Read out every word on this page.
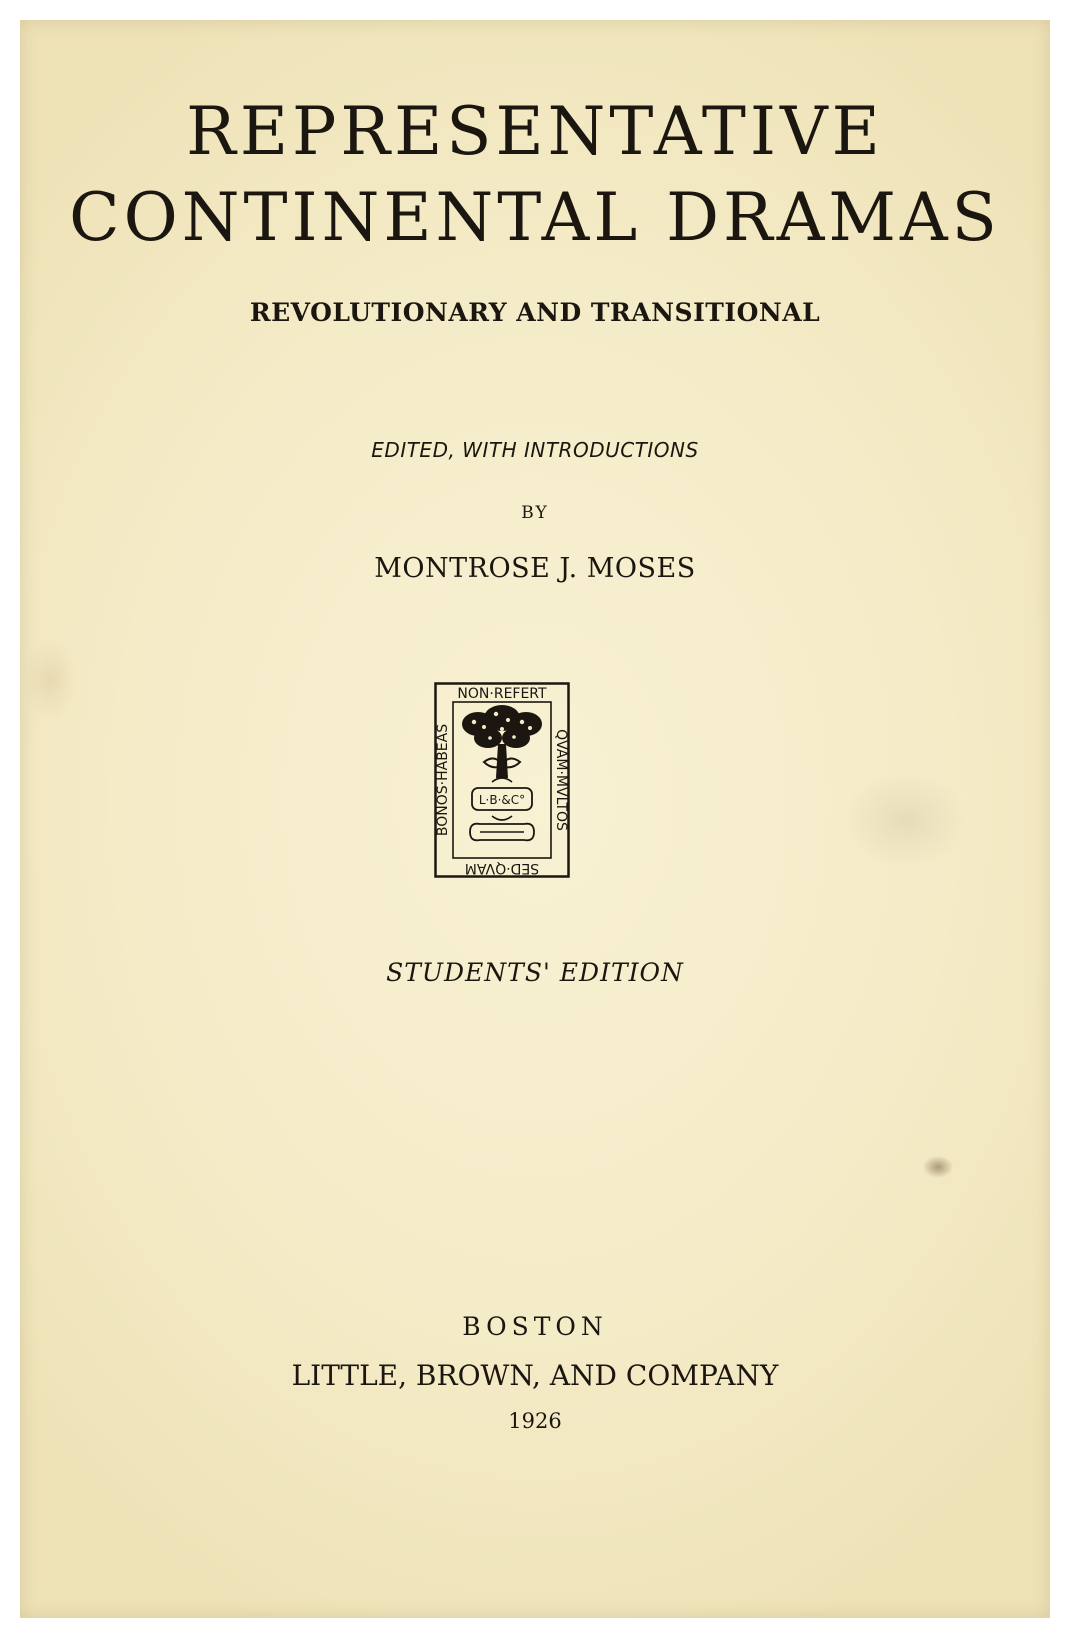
REPRESENTATIVE
CONTINENTAL DRAMAS
REVOLUTIONARY AND TRANSITIONAL
EDITED, WITH INTRODUCTIONS
BY
MONTROSE J. MOSES
NON·REFERT
QVAM·MVLTOS
SED·QVAM
BONOS·HABEAS L·B·&C°
STUDENTS' EDITION
BOSTON
LITTLE, BROWN, AND COMPANY
1926
